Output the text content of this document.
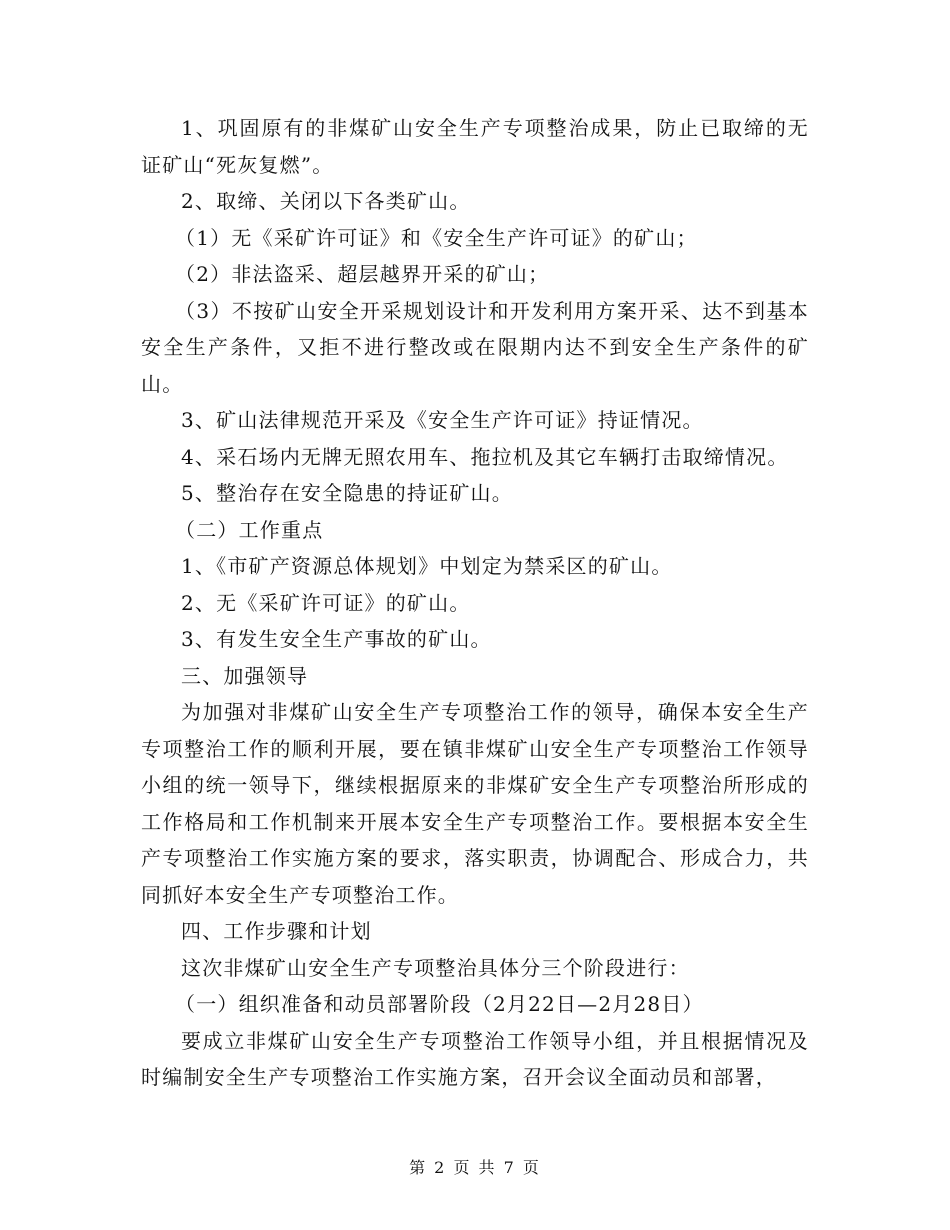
1、巩固原有的非煤矿山安全生产专项整治成果，防止已取缔的无证矿山“死灰复燃”。

2、取缔、关闭以下各类矿山。

（1）无《采矿许可证》和《安全生产许可证》的矿山；

（2）非法盗采、超层越界开采的矿山；

（3）不按矿山安全开采规划设计和开发利用方案开采、达不到基本安全生产条件，又拒不进行整改或在限期内达不到安全生产条件的矿山。

3、矿山法律规范开采及《安全生产许可证》持证情况。

4、采石场内无牌无照农用车、拖拉机及其它车辆打击取缔情况。

5、整治存在安全隐患的持证矿山。

（二）工作重点

1、《市矿产资源总体规划》中划定为禁采区的矿山。

2、无《采矿许可证》的矿山。

3、有发生安全生产事故的矿山。

三、加强领导

为加强对非煤矿山安全生产专项整治工作的领导，确保本安全生产专项整治工作的顺利开展，要在镇非煤矿山安全生产专项整治工作领导小组的统一领导下，继续根据原来的非煤矿安全生产专项整治所形成的工作格局和工作机制来开展本安全生产专项整治工作。要根据本安全生产专项整治工作实施方案的要求，落实职责，协调配合、形成合力，共同抓好本安全生产专项整治工作。

四、工作步骤和计划

这次非煤矿山安全生产专项整治具体分三个阶段进行：

（一）组织准备和动员部署阶段（2月22日—2月28日）

要成立非煤矿山安全生产专项整治工作领导小组，并且根据情况及时编制安全生产专项整治工作实施方案，召开会议全面动员和部署，

第 2 页 共 7 页
